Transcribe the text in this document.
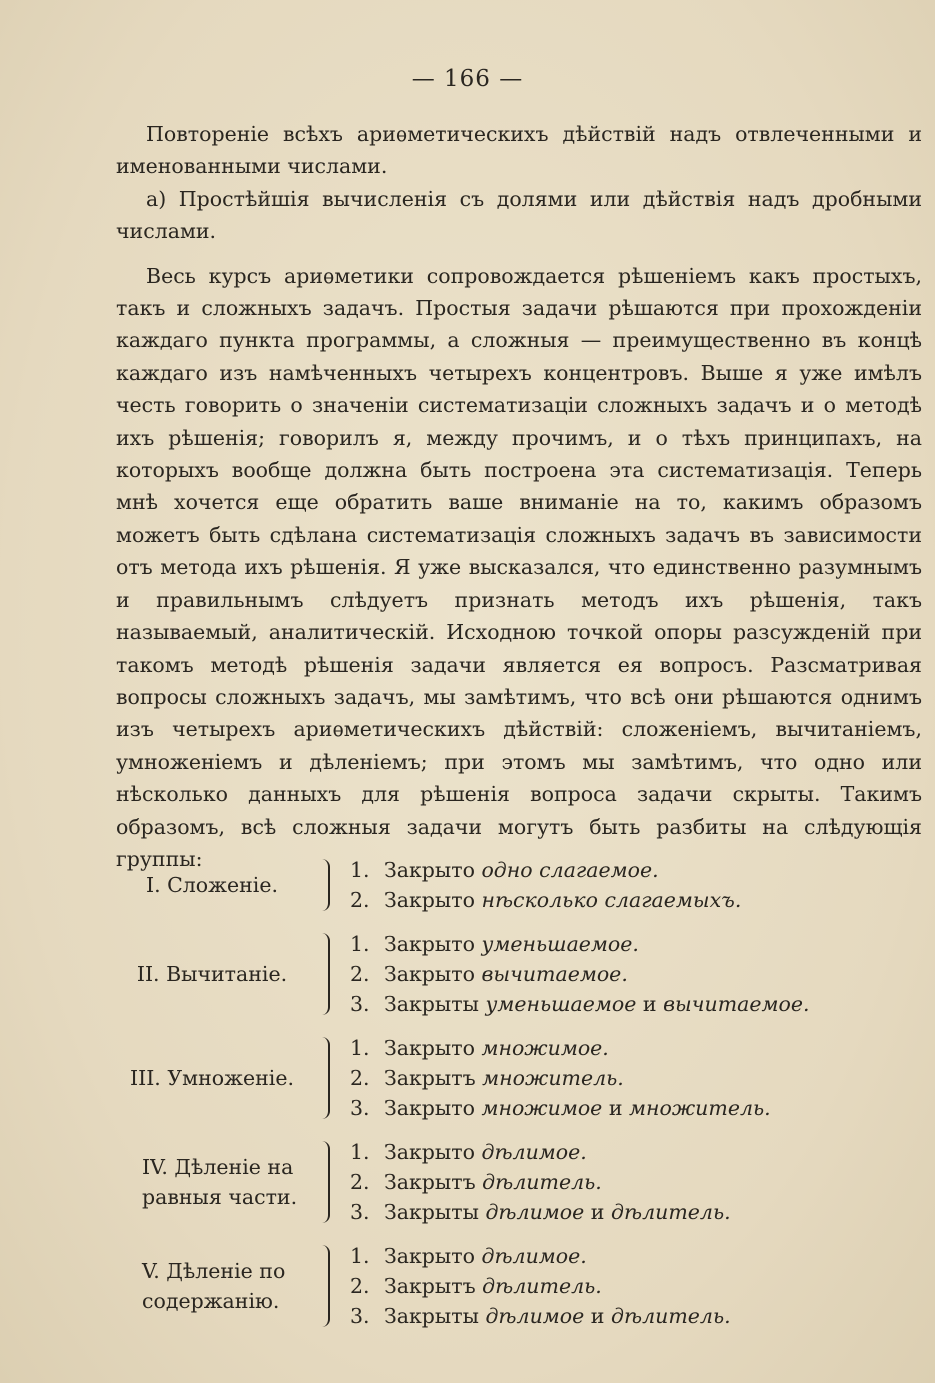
— 166 —

Повторенiе всѣхъ ариѳметическихъ дѣйствiй надъ отвлеченными и именованными числами.

а) Простѣйшiя вычисленiя съ долями или дѣйствiя надъ дробными числами.

Весь курсъ ариѳметики сопровождается рѣшенiемъ какъ простыхъ, такъ и сложныхъ задачъ. Простыя задачи рѣшаются при прохожденiи каждаго пункта программы, а сложныя — преимущественно въ концѣ каждаго изъ намѣченныхъ четырехъ концентровъ. Выше я уже имѣлъ честь говорить о значенiи систематизацiи сложныхъ задачъ и о методѣ ихъ рѣшенiя; говорилъ я, между прочимъ, и о тѣхъ принципахъ, на которыхъ вообще должна быть построена эта систематизацiя. Теперь мнѣ хочется еще обратить ваше вниманiе на то, какимъ образомъ можетъ быть сдѣлана систематизацiя сложныхъ задачъ въ зависимости отъ метода ихъ рѣшенiя. Я уже высказался, что единственно разумнымъ и правильнымъ слѣдуетъ признать методъ ихъ рѣшенiя, такъ называемый, аналитическiй. Исходною точкой опоры разсужденiй при такомъ методѣ рѣшенiя задачи является ея вопросъ. Разсматривая вопросы сложныхъ задачъ, мы замѣтимъ, что всѣ они рѣшаются однимъ изъ четырехъ ариѳметическихъ дѣйствiй: сложенiемъ, вычитанiемъ, умноженiемъ и дѣленiемъ; при этомъ мы замѣтимъ, что одно или нѣсколько данныхъ для рѣшенiя вопроса задачи скрыты. Такимъ образомъ, всѣ сложныя задачи могутъ быть разбиты на слѣдующiя группы:

I. Сложенiе.
1. Закрыто одно слагаемое.
2. Закрыто нѣсколько слагаемыхъ.
II. Вычитанiе.
1. Закрыто уменьшаемое.
2. Закрыто вычитаемое.
3. Закрыты уменьшаемое и вычитаемое.
III. Умноженiе.
1. Закрыто множимое.
2. Закрытъ множитель.
3. Закрыто множимое и множитель.
IV. Дѣленiе на равныя части.
1. Закрыто дѣлимое.
2. Закрытъ дѣлитель.
3. Закрыты дѣлимое и дѣлитель.
V. Дѣленiе по содержанiю.
1. Закрыто дѣлимое.
2. Закрытъ дѣлитель.
3. Закрыты дѣлимое и дѣлитель.
